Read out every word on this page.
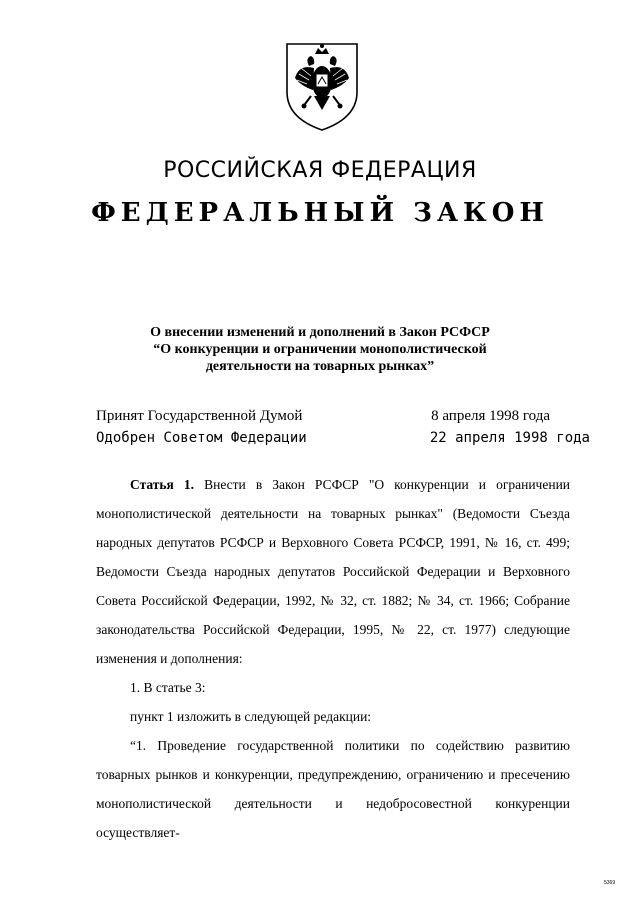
РОССИЙСКАЯ ФЕДЕРАЦИЯ
ФЕДЕРАЛЬНЫЙ ЗАКОН
О внесении изменений и дополнений в Закон РСФСР
“О конкуренции и ограничении монополистической
деятельности на товарных рынках”
Принят Государственной Думой	8 апреля 1998 года
Одобрен Советом Федерации	22 апреля 1998 года

Статья 1. Внести в Закон РСФСР "О конкуренции и ограничении монополистической деятельности на товарных рынках" (Ведомости Съезда народных депутатов РСФСР и Верховного Совета РСФСР, 1991, № 16, ст. 499; Ведомости Съезда народных депутатов Российской Федерации и Верховного Совета Российской Федерации, 1992, № 32, ст. 1882; № 34, ст. 1966; Собрание законодательства Российской Федерации, 1995, № 22, ст. 1977) следующие изменения и дополнения:

1. В статье 3:

пункт 1 изложить в следующей редакции:

“1. Проведение государственной политики по содействию развитию товарных рынков и конкуренции, предупреждению, ограничению и пресечению монополистической деятельности и недобросовестной конкуренции осуществляет-

5369
